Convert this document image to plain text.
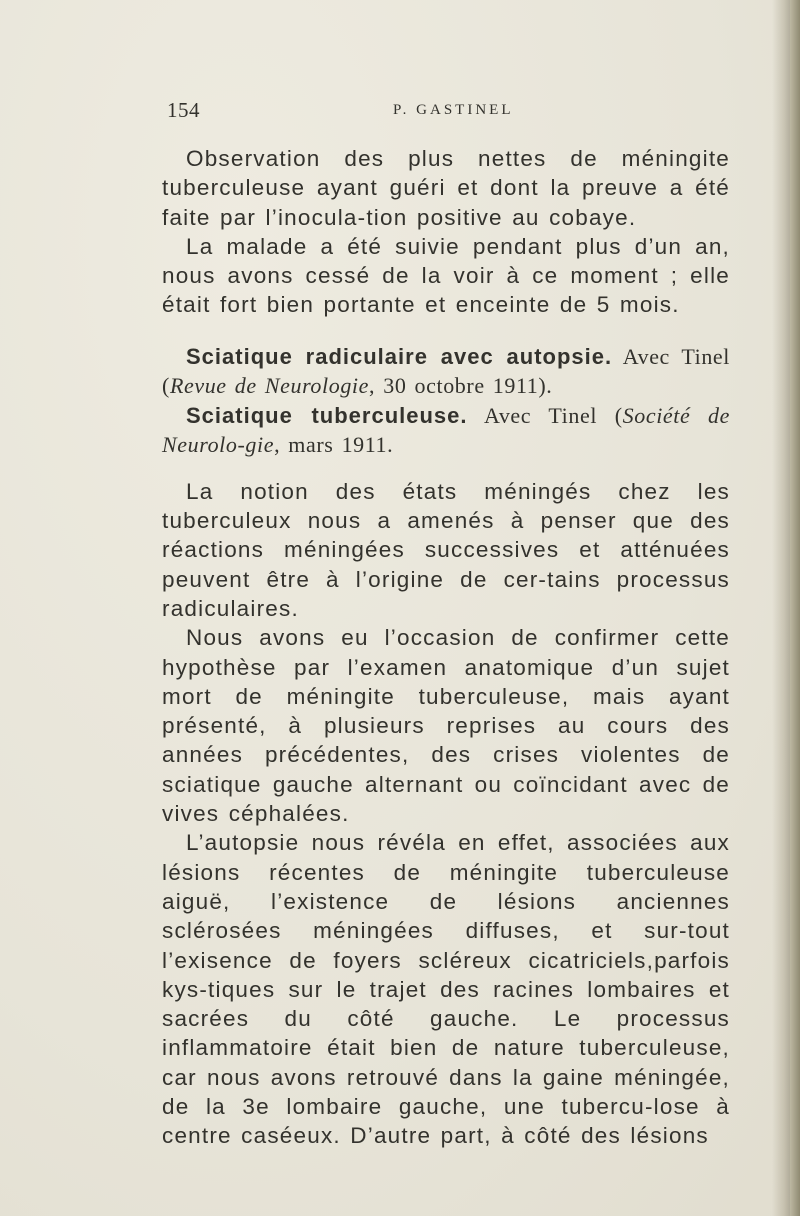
154	P. GASTINEL

Observation des plus nettes de méningite tuberculeuse ayant guéri et dont la preuve a été faite par l’inocula-tion positive au cobaye.

La malade a été suivie pendant plus d’un an, nous avons cessé de la voir à ce moment ; elle était fort bien portante et enceinte de 5 mois.

Sciatique radiculaire avec autopsie. Avec Tinel (Revue de Neurologie, 30 octobre 1911).

Sciatique tuberculeuse. Avec Tinel (Société de Neurolo-gie, mars 1911.

La notion des états méningés chez les tuberculeux nous a amenés à penser que des réactions méningées successives et atténuées peuvent être à l’origine de cer-tains processus radiculaires.

Nous avons eu l’occasion de confirmer cette hypothèse par l’examen anatomique d’un sujet mort de méningite tuberculeuse, mais ayant présenté, à plusieurs reprises au cours des années précédentes, des crises violentes de sciatique gauche alternant ou coïncidant avec de vives céphalées.

L’autopsie nous révéla en effet, associées aux lésions récentes de méningite tuberculeuse aiguë, l’existence de lésions anciennes sclérosées méningées diffuses, et sur-tout l’exisence de foyers scléreux cicatriciels,parfois kys-tiques sur le trajet des racines lombaires et sacrées du côté gauche. Le processus inflammatoire était bien de nature tuberculeuse, car nous avons retrouvé dans la gaine méningée, de la 3e lombaire gauche, une tubercu-lose à centre caséeux. D’autre part, à côté des lésions
